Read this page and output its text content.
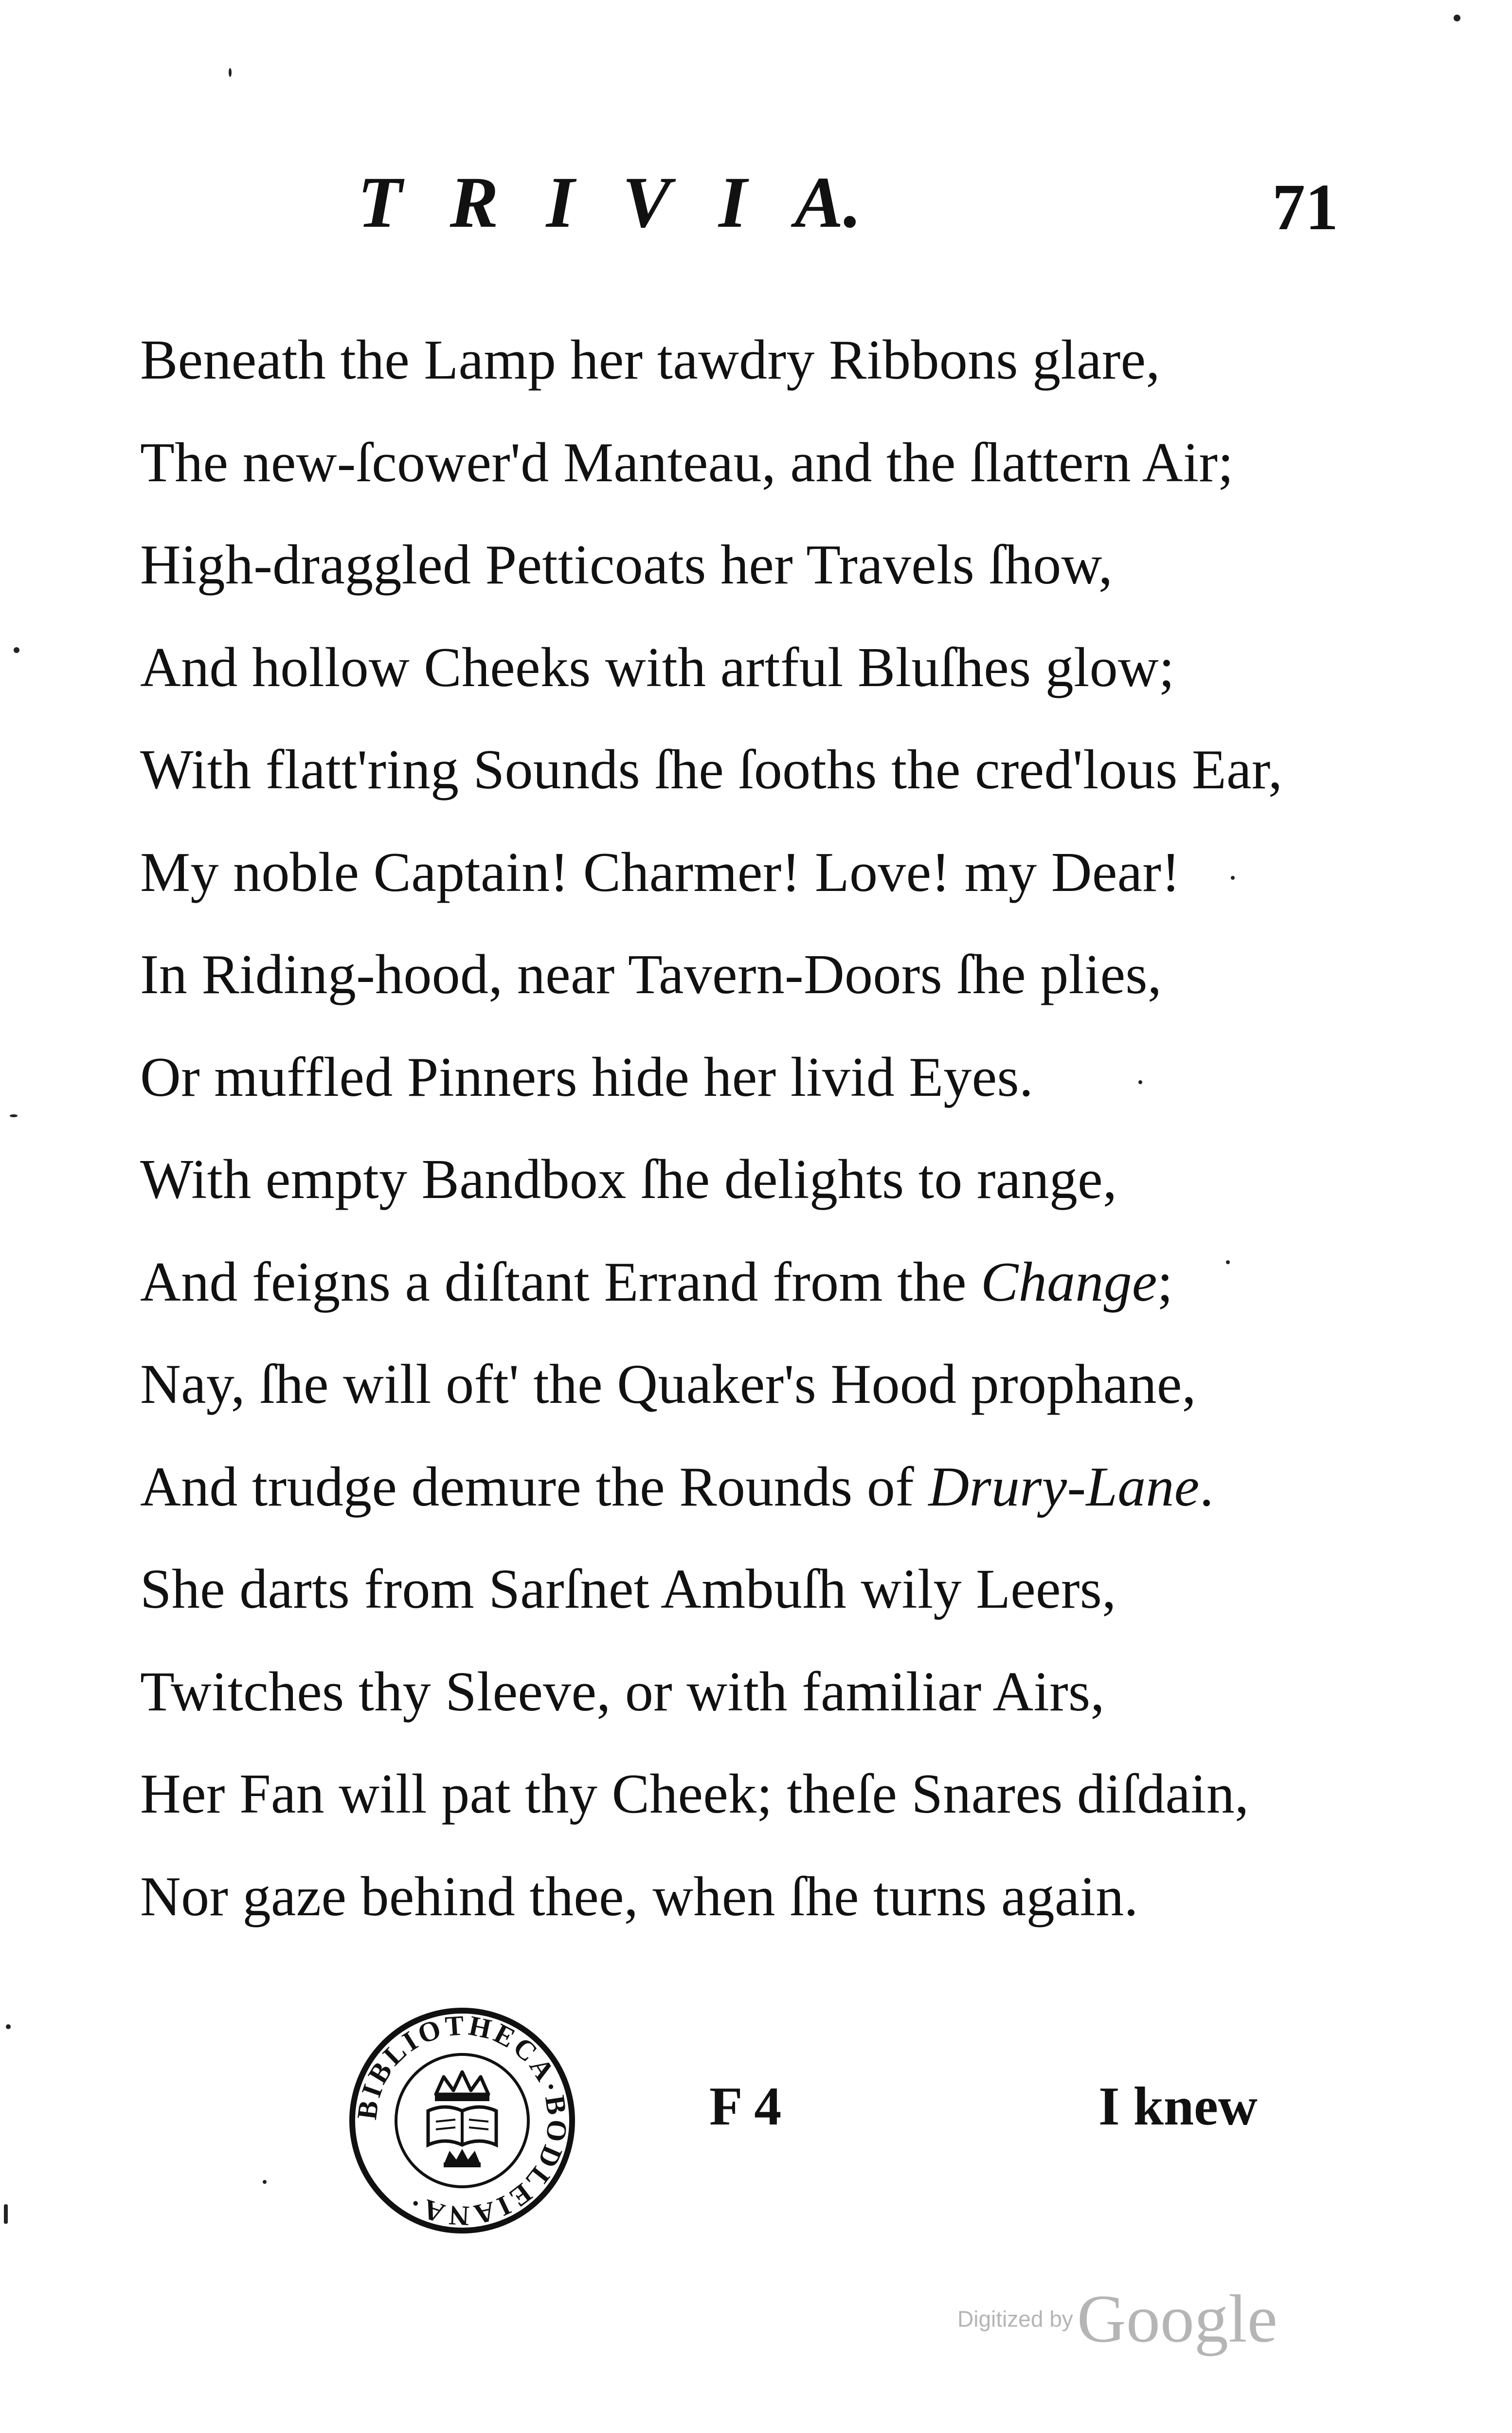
T R I V I A.	71
Beneath the Lamp her tawdry Ribbons glare,
The new-ſcower'd Manteau, and the ſlattern Air;
High-draggled Petticoats her Travels ſhow,
And hollow Cheeks with artful Bluſhes glow;
With flatt'ring Sounds ſhe ſooths the cred'lous Ear,
My noble Captain! Charmer! Love! my Dear!
In Riding-hood, near Tavern-Doors ſhe plies,
Or muffled Pinners hide her livid Eyes.
With empty Bandbox ſhe delights to range,
And feigns a diſtant Errand from the Change;
Nay, ſhe will oft' the Quaker's Hood prophane,
And trudge demure the Rounds of Drury-Lane.
She darts from Sarſnet Ambuſh wily Leers,
Twitches thy Sleeve, or with familiar Airs,
Her Fan will pat thy Cheek; theſe Snares diſdain,
Nor gaze behind thee, when ſhe turns again.
BIBLIOTHECA·BODLEIANA·
F 4	I knew
Digitized byGoogle
